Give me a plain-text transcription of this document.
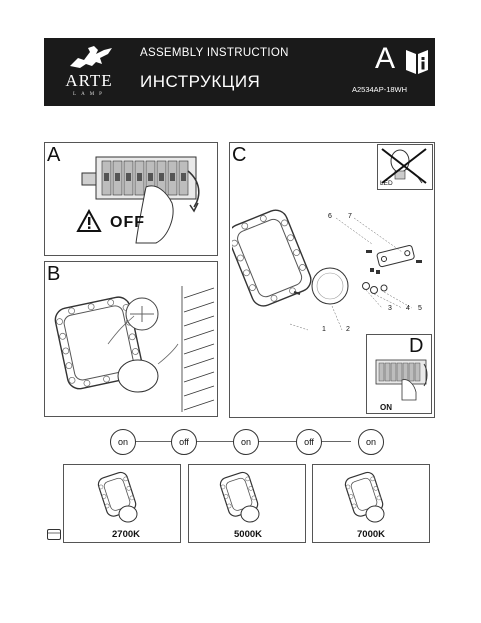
ARTE
LAMP
ASSEMBLY INSTRUCTION
ИНСТРУКЦИЯ
A
A2534AP-18WH
A
OFF
B
C
LED
6 7
1	2
3 4 5
D
ON
on	off	on	off	on
2700K	5000K	7000K
